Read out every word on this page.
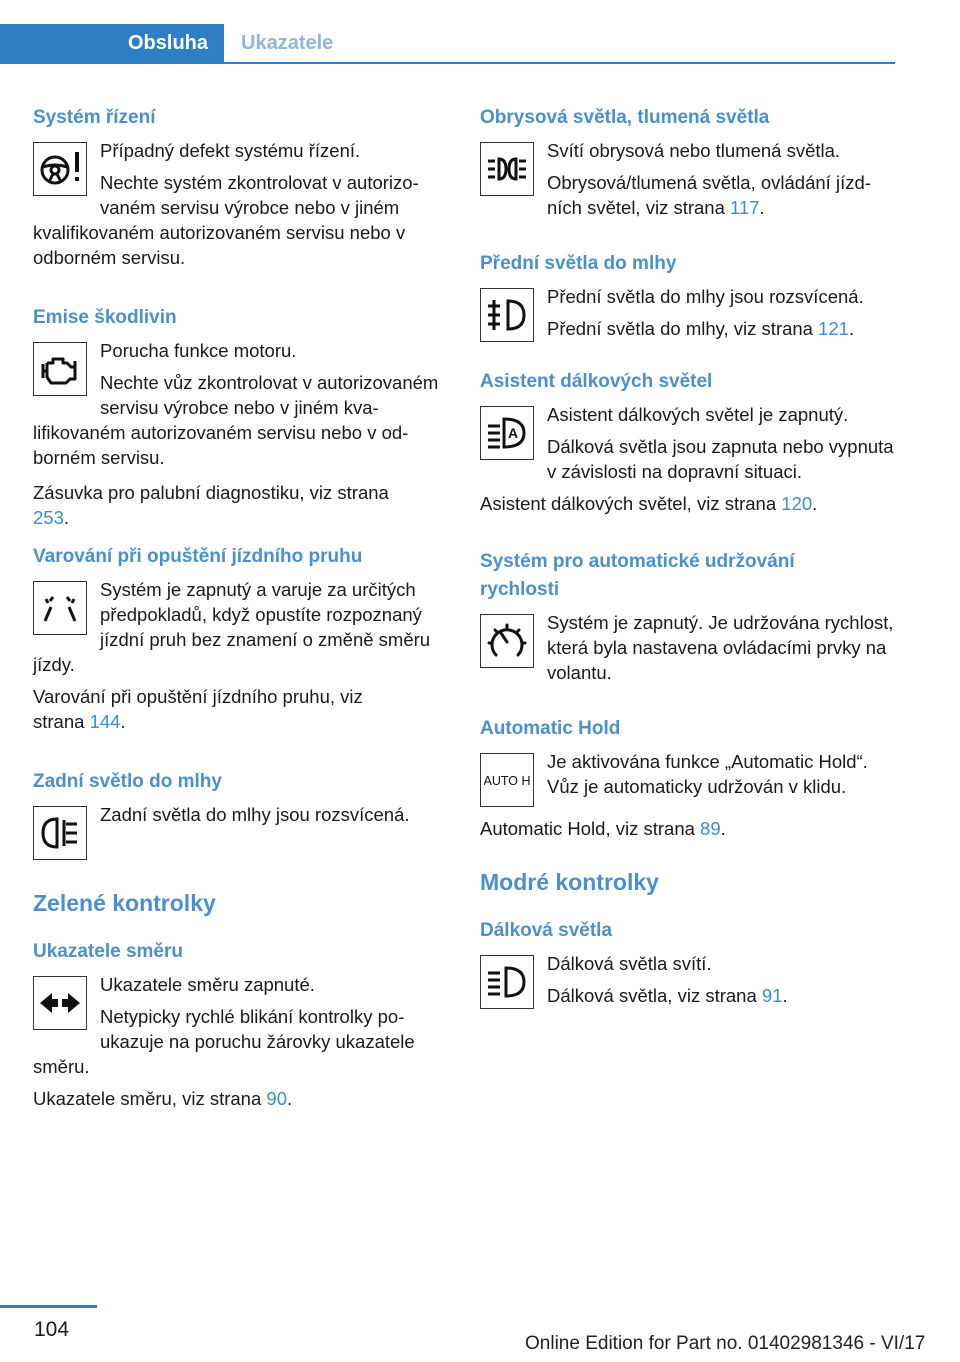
Obsluha	Ukazatele

Systém řízení

Případný defekt systému řízení.

Nechte systém zkontrolovat v autorizovaném servisu výrobce nebo v jiném kvalifikovaném autorizovaném servisu nebo v odborném servisu.

Emise škodlivin

Porucha funkce motoru.

Nechte vůz zkontrolovat v autorizovaném servisu výrobce nebo v jiném kvalifikovaném autorizovaném servisu nebo v odborném servisu.

Zásuvka pro palubní diagnostiku, viz strana 253.

Varování při opuštění jízdního pruhu

Systém je zapnutý a varuje za určitých předpokladů, když opustíte rozpoznaný jízdní pruh bez znamení o změně směru jízdy.

Varování při opuštění jízdního pruhu, viz strana 144.

Zadní světlo do mlhy

Zadní světla do mlhy jsou rozsvícená.

Zelené kontrolky

Ukazatele směru

Ukazatele směru zapnuté.

Netypicky rychlé blikání kontrolky poukazuje na poruchu žárovky ukazatele směru.

Ukazatele směru, viz strana 90.

Obrysová světla, tlumená světla

Svítí obrysová nebo tlumená světla.

Obrysová/tlumená světla, ovládání jízdních světel, viz strana 117.

Přední světla do mlhy

Přední světla do mlhy jsou rozsvícená.

Přední světla do mlhy, viz strana 121.

Asistent dálkových světel

A

Asistent dálkových světel je zapnutý.

Dálková světla jsou zapnuta nebo vypnuta v závislosti na dopravní situaci.

Asistent dálkových světel, viz strana 120.

Systém pro automatické udržování rychlosti

Systém je zapnutý. Je udržována rychlost, která byla nastavena ovládacími prvky na volantu.

Automatic Hold

AUTO H

Je aktivována funkce „Automatic Hold“. Vůz je automaticky udržován v klidu.

Automatic Hold, viz strana 89.

Modré kontrolky

Dálková světla

Dálková světla svítí.

Dálková světla, viz strana 91.

104
Online Edition for Part no. 01402981346 - VI/17
